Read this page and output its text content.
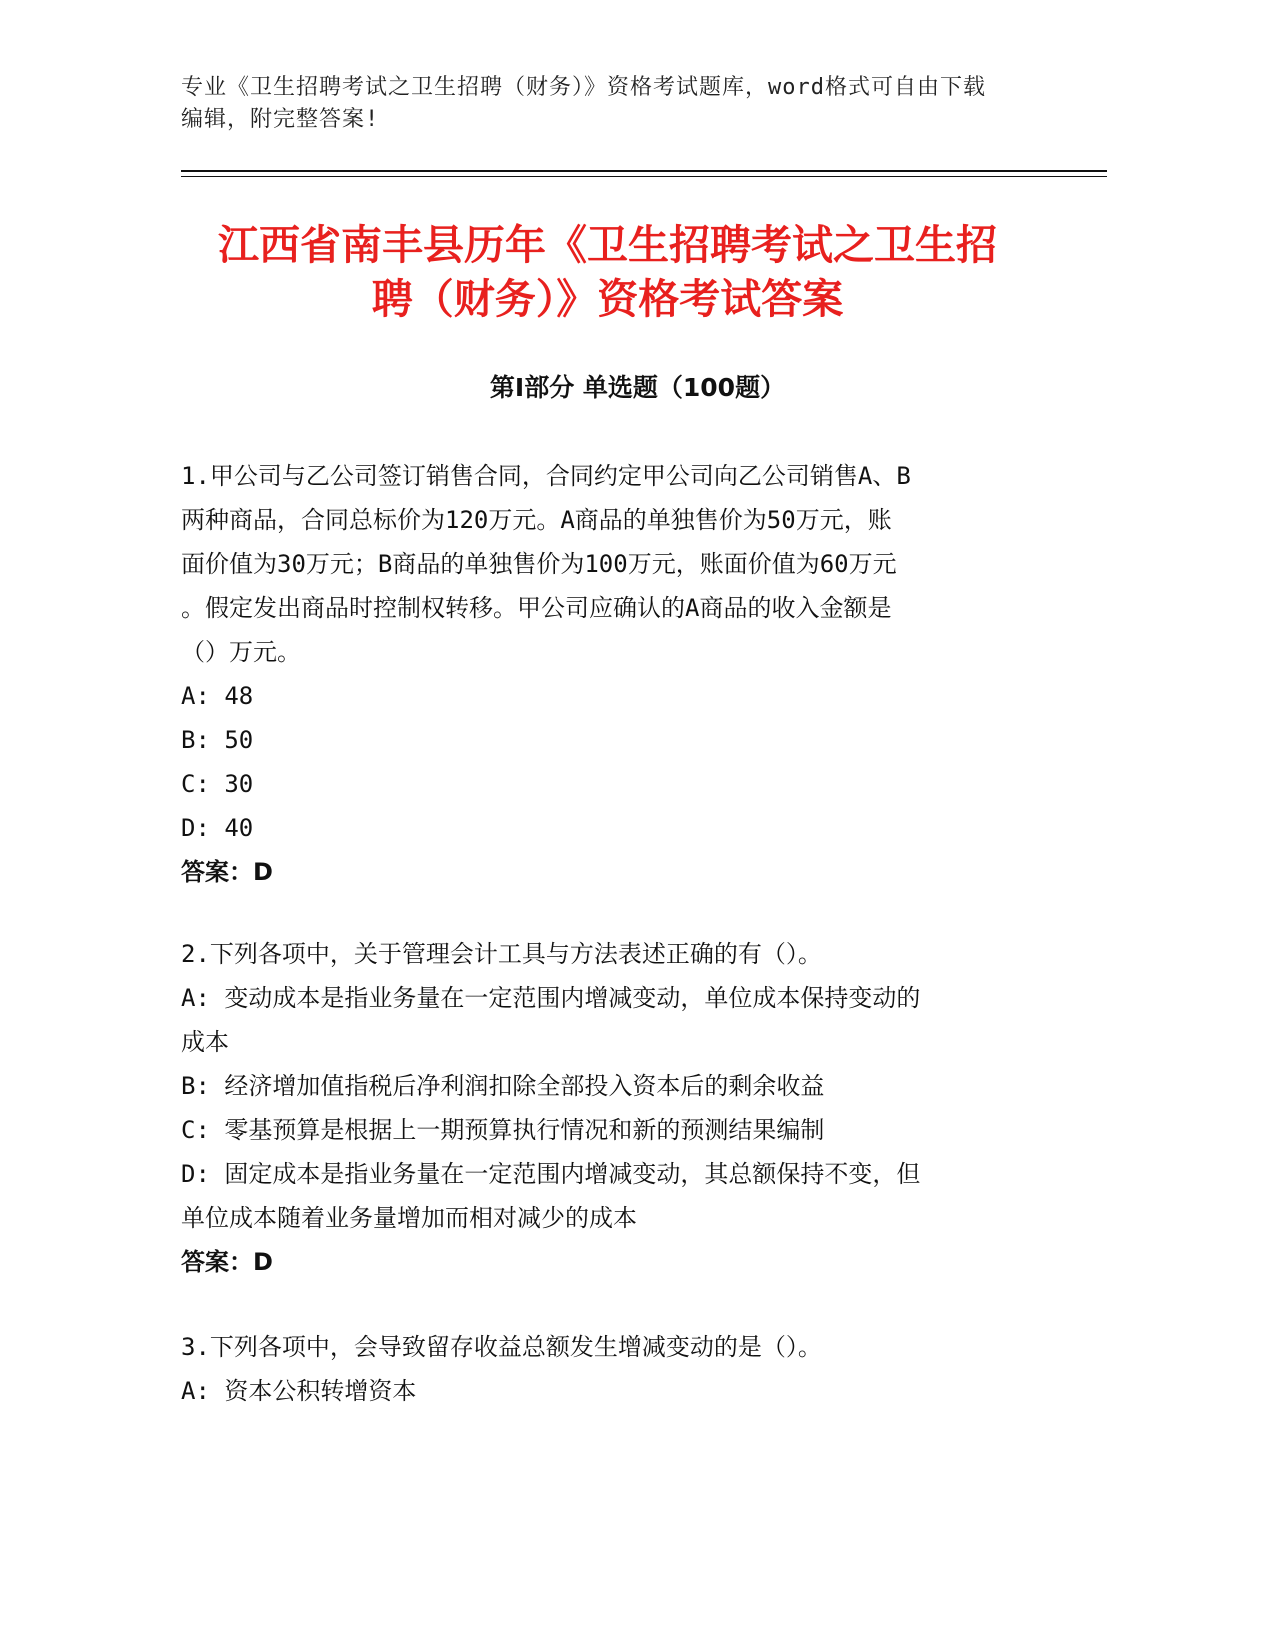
专业《卫生招聘考试之卫生招聘（财务）》资格考试题库，word格式可自由下载
编辑，附完整答案!
江西省南丰县历年《卫生招聘考试之卫生招
聘（财务）》资格考试答案
第Ⅰ部分 单选题（100题）
1.甲公司与乙公司签订销售合同，合同约定甲公司向乙公司销售A、B
两种商品，合同总标价为120万元。A商品的单独售价为50万元，账
面价值为30万元；B商品的单独售价为100万元，账面价值为60万元
。假定发出商品时控制权转移。甲公司应确认的A商品的收入金额是
（）万元。
A: 48
B: 50
C: 30
D: 40
答案：D
2.下列各项中，关于管理会计工具与方法表述正确的有（）。
A: 变动成本是指业务量在一定范围内增减变动，单位成本保持变动的
成本
B: 经济增加值指税后净利润扣除全部投入资本后的剩余收益
C: 零基预算是根据上一期预算执行情况和新的预测结果编制
D: 固定成本是指业务量在一定范围内增减变动，其总额保持不变，但
单位成本随着业务量增加而相对减少的成本
答案：D
3.下列各项中，会导致留存收益总额发生增减变动的是（）。
A: 资本公积转增资本
